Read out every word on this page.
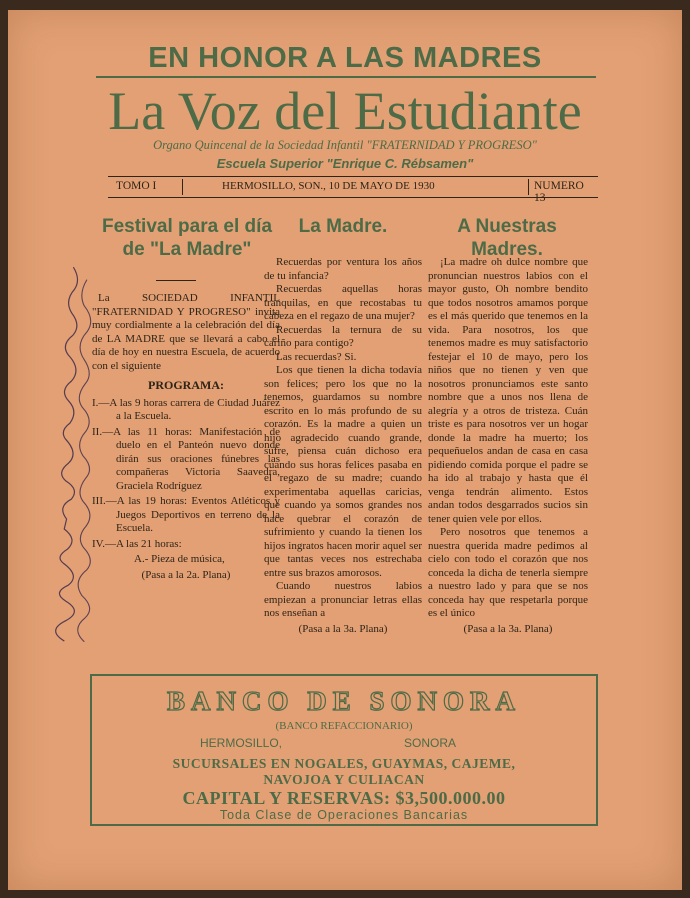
EN HONOR A LAS MADRES
La Voz del Estudiante
Organo Quincenal de la Sociedad Infantil "FRATERNIDAD Y PROGRESO"
Escuela Superior "Enrique C. Rébsamen"
TOMO I	HERMOSILLO, SON., 10 DE MAYO DE 1930	NUMERO 13
Festival para el día
de "La Madre"
La Madre.	A Nuestras Madres.

La SOCIEDAD INFANTIL "FRATERNIDAD Y PROGRESO" invita muy cordialmente a la celebración del día de LA MADRE que se llevará a cabo el día de hoy en nuestra Escuela, de acuerdo con el siguiente

PROGRAMA:

I.—A las 9 horas carrera de Ciudad Juárez a la Escuela.

II.—A las 11 horas: Manifestación de duelo en el Panteón nuevo donde dirán sus oraciones fúnebres las compañeras Victoria Saavedra, Graciela Rodríguez

III.—A las 19 horas: Eventos Atléticos y Juegos Deportivos en terreno de la Escuela.

IV.—A las 21 horas:

A.- Pieza de música,

(Pasa a la 2a. Plana)

Recuerdas por ventura los años de tu infancia?

Recuerdas aquellas horas tranquilas, en que recostabas tu cabeza en el regazo de una mujer?

Recuerdas la ternura de su cariño para contigo?

Las recuerdas? Si.

Los que tienen la dicha todavía son felices; pero los que no la tenemos, guardamos su nombre escrito en lo más profundo de su corazón. Es la madre a quien un hijo agradecido cuando grande, sufre, piensa cuán dichoso era cuando sus horas felices pasaba en el regazo de su madre; cuando experimentaba aquellas caricias, que cuando ya somos grandes nos hace quebrar el corazón de sufrimiento y cuando la tienen los hijos ingratos hacen morir aquel ser que tantas veces nos estrechaba entre sus brazos amorosos.

Cuando nuestros labios empiezan a pronunciar letras ellas nos enseñan a

(Pasa a la 3a. Plana)

¡La madre oh dulce nombre que pronuncian nuestros labios con el mayor gusto, Oh nombre bendito que todos nosotros amamos porque es el más querido que tenemos en la vida. Para nosotros, los que tenemos madre es muy satisfactorio festejar el 10 de mayo, pero los niños que no tienen y ven que nosotros pronunciamos este santo nombre que a unos nos llena de alegría y a otros de tristeza. Cuán triste es para nosotros ver un hogar donde la madre ha muerto; los pequeñuelos andan de casa en casa pidiendo comida porque el padre se ha ido al trabajo y hasta que él venga tendrán alimento. Estos andan todos desgarrados sucios sin tener quien vele por ellos.

Pero nosotros que tenemos a nuestra querida madre pedimos al cielo con todo el corazón que nos conceda la dicha de tenerla siempre a nuestro lado y para que se nos conceda hay que respetarla porque es el único

(Pasa a la 3a. Plana)

BANCO DE SONORA
(BANCO REFACCIONARIO)
HERMOSILLO,	SONORA
SUCURSALES EN NOGALES, GUAYMAS, CAJEME,
NAVOJOA Y CULIACAN
CAPITAL Y RESERVAS: $3,500.000.00
Toda Clase de Operaciones Bancarias
